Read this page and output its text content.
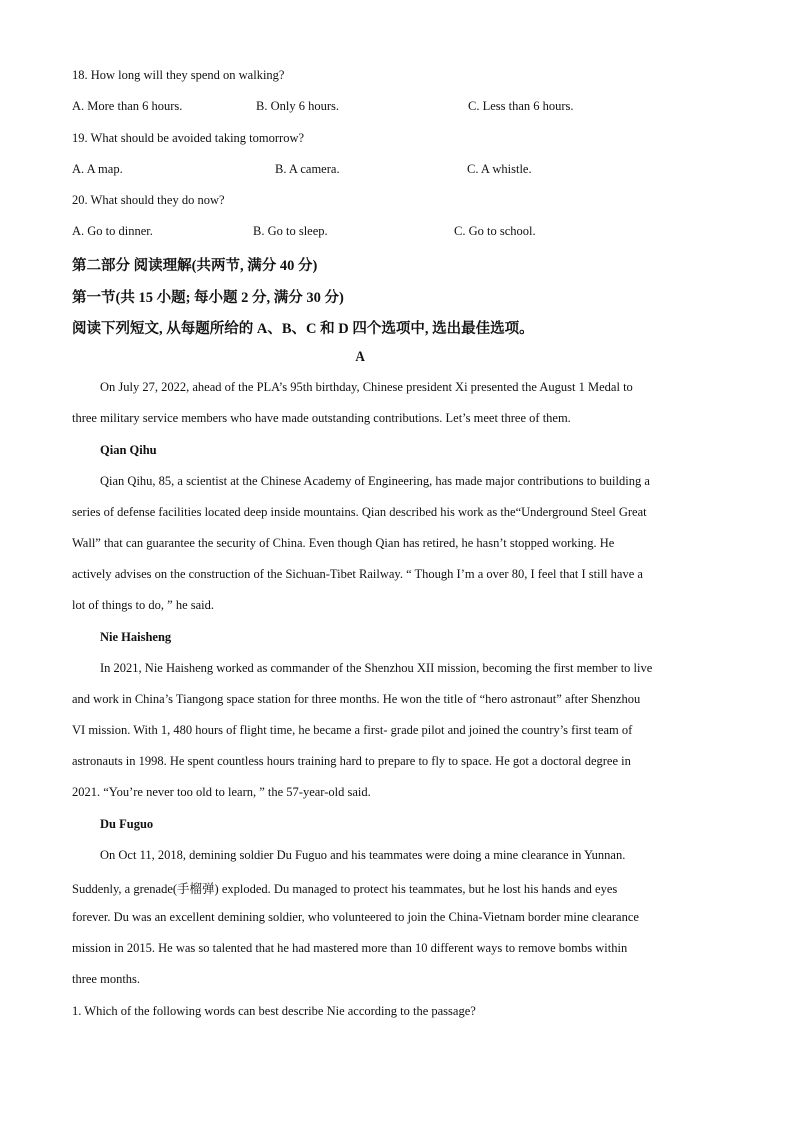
18. How long will they spend on walking?
A. More than 6 hours.	B. Only 6 hours.	C. Less than 6 hours.
19. What should be avoided taking tomorrow?
A. A map.	B. A camera.	C. A whistle.
20. What should they do now?
A. Go to dinner.	B. Go to sleep.	C. Go to school.
第二部分 阅读理解(共两节, 满分 40 分)
第一节(共 15 小题; 每小题 2 分, 满分 30 分)
阅读下列短文, 从每题所给的 A、B、C 和 D 四个选项中, 选出最佳选项。
A
On July 27, 2022, ahead of the PLA’s 95th birthday, Chinese president Xi presented the August 1 Medal to
three military service members who have made outstanding contributions. Let’s meet three of them.
Qian Qihu
Qian Qihu, 85, a scientist at the Chinese Academy of Engineering, has made major contributions to building a
series of defense facilities located deep inside mountains. Qian described his work as the“Underground Steel Great
Wall” that can guarantee the security of China. Even though Qian has retired, he hasn’t stopped working. He
actively advises on the construction of the Sichuan-Tibet Railway. “ Though I’m a over 80, I feel that I still have a
lot of things to do, ” he said.
Nie Haisheng
In 2021, Nie Haisheng worked as commander of the Shenzhou XII mission, becoming the first member to live
and work in China’s Tiangong space station for three months. He won the title of “hero astronaut” after Shenzhou
VI mission. With 1, 480 hours of flight time, he became a first- grade pilot and joined the country’s first team of
astronauts in 1998. He spent countless hours training hard to prepare to fly to space. He got a doctoral degree in
2021. “You’re never too old to learn, ” the 57-year-old said.
Du Fuguo
On Oct 11, 2018, demining soldier Du Fuguo and his teammates were doing a mine clearance in Yunnan.
Suddenly, a grenade(手榴弹) exploded. Du managed to protect his teammates, but he lost his hands and eyes
forever. Du was an excellent demining soldier, who volunteered to join the China-Vietnam border mine clearance
mission in 2015. He was so talented that he had mastered more than 10 different ways to remove bombs within
three months.
1. Which of the following words can best describe Nie according to the passage?
